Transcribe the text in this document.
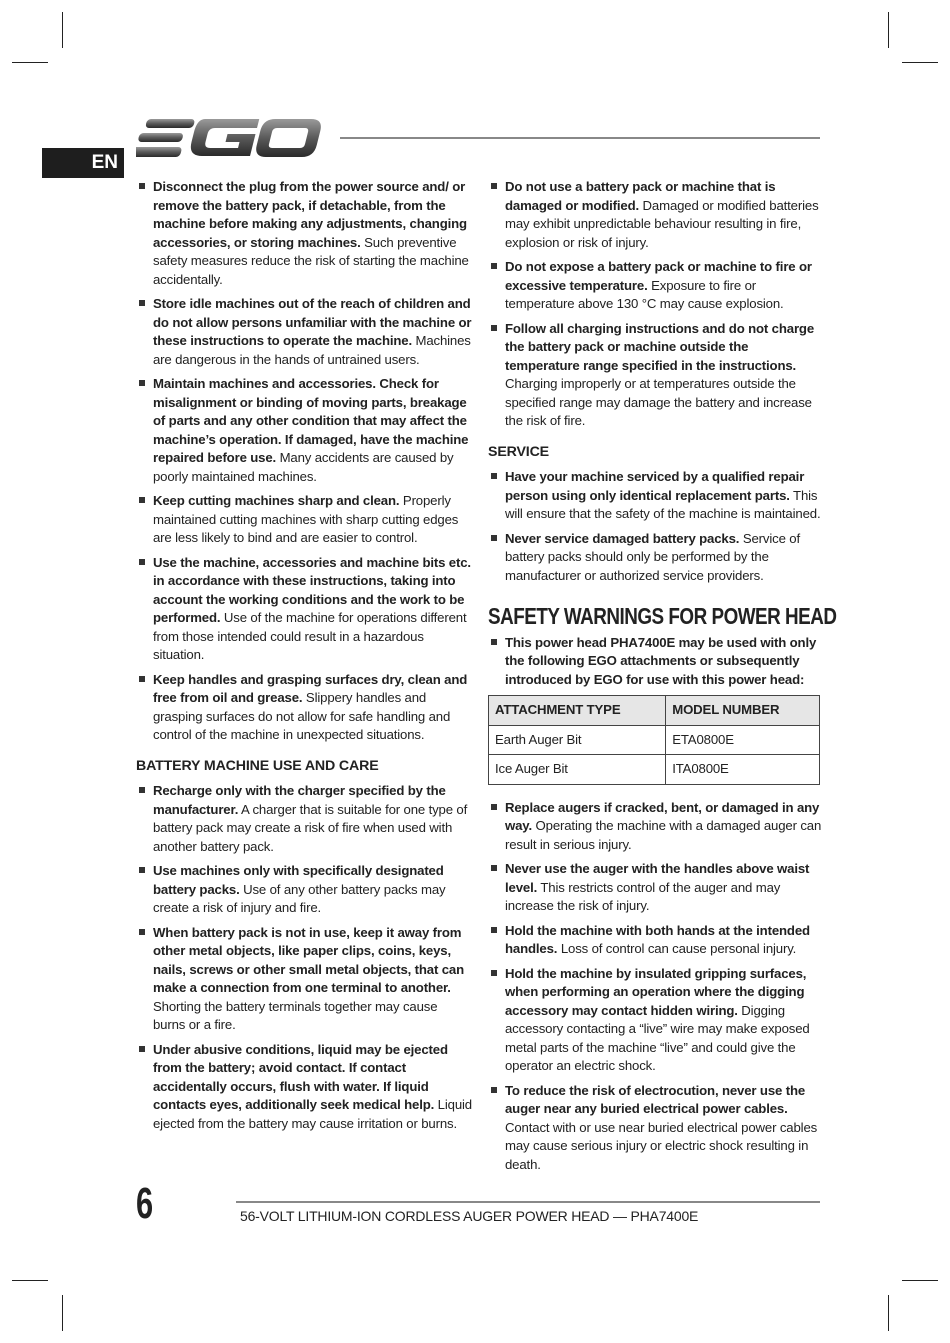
EN
Disconnect the plug from the power source and/ or remove the battery pack, if detachable, from the machine before making any adjustments, changing accessories, or storing machines. Such preventive safety measures reduce the risk of starting the machine accidentally.
Store idle machines out of the reach of children and do not allow persons unfamiliar with the machine or these instructions to operate the machine. Machines are dangerous in the hands of untrained users.
Maintain machines and accessories. Check for misalignment or binding of moving parts, breakage of parts and any other condition that may affect the machine’s operation. If damaged, have the machine repaired before use. Many accidents are caused by poorly maintained machines.
Keep cutting machines sharp and clean. Properly maintained cutting machines with sharp cutting edges are less likely to bind and are easier to control.
Use the machine, accessories and machine bits etc. in accordance with these instructions, taking into account the working conditions and the work to be performed. Use of the machine for operations different from those intended could result in a hazardous situation.
Keep handles and grasping surfaces dry, clean and free from oil and grease. Slippery handles and grasping surfaces do not allow for safe handling and control of the machine in unexpected situations.
BATTERY MACHINE USE AND CARE
Recharge only with the charger specified by the manufacturer. A charger that is suitable for one type of battery pack may create a risk of fire when used with another battery pack.
Use machines only with specifically designated battery packs. Use of any other battery packs may create a risk of injury and fire.
When battery pack is not in use, keep it away from other metal objects, like paper clips, coins, keys, nails, screws or other small metal objects, that can make a connection from one terminal to another. Shorting the battery terminals together may cause burns or a fire.
Under abusive conditions, liquid may be ejected from the battery; avoid contact. If contact accidentally occurs, flush with water. If liquid contacts eyes, additionally seek medical help. Liquid ejected from the battery may cause irritation or burns.
Do not use a battery pack or machine that is damaged or modified. Damaged or modified batteries may exhibit unpredictable behaviour resulting in fire, explosion or risk of injury.
Do not expose a battery pack or machine to fire or excessive temperature. Exposure to fire or temperature above 130 °C may cause explosion.
Follow all charging instructions and do not charge the battery pack or machine outside the temperature range specified in the instructions. Charging improperly or at temperatures outside the specified range may damage the battery and increase the risk of fire.
SERVICE
Have your machine serviced by a qualified repair person using only identical replacement parts. This will ensure that the safety of the machine is maintained.
Never service damaged battery packs. Service of battery packs should only be performed by the manufacturer or authorized service providers.
SAFETY WARNINGS FOR POWER HEAD
This power head PHA7400E may be used with only the following EGO attachments or subsequently introduced by EGO for use with this power head:
ATTACHMENT TYPE	MODEL NUMBER
Earth Auger Bit	ETA0800E
Ice Auger Bit	ITA0800E
Replace augers if cracked, bent, or damaged in any way. Operating the machine with a damaged auger can result in serious injury.
Never use the auger with the handles above waist level. This restricts control of the auger and may increase the risk of injury.
Hold the machine with both hands at the intended handles. Loss of control can cause personal injury.
Hold the machine by insulated gripping surfaces, when performing an operation where the digging accessory may contact hidden wiring. Digging accessory contacting a “live” wire may make exposed metal parts of the machine “live” and could give the operator an electric shock.
To reduce the risk of electrocution, never use the auger near any buried electrical power cables. Contact with or use near buried electrical power cables may cause serious injury or electric shock resulting in death.
6	56-VOLT LITHIUM-ION CORDLESS AUGER POWER HEAD — PHA7400E
